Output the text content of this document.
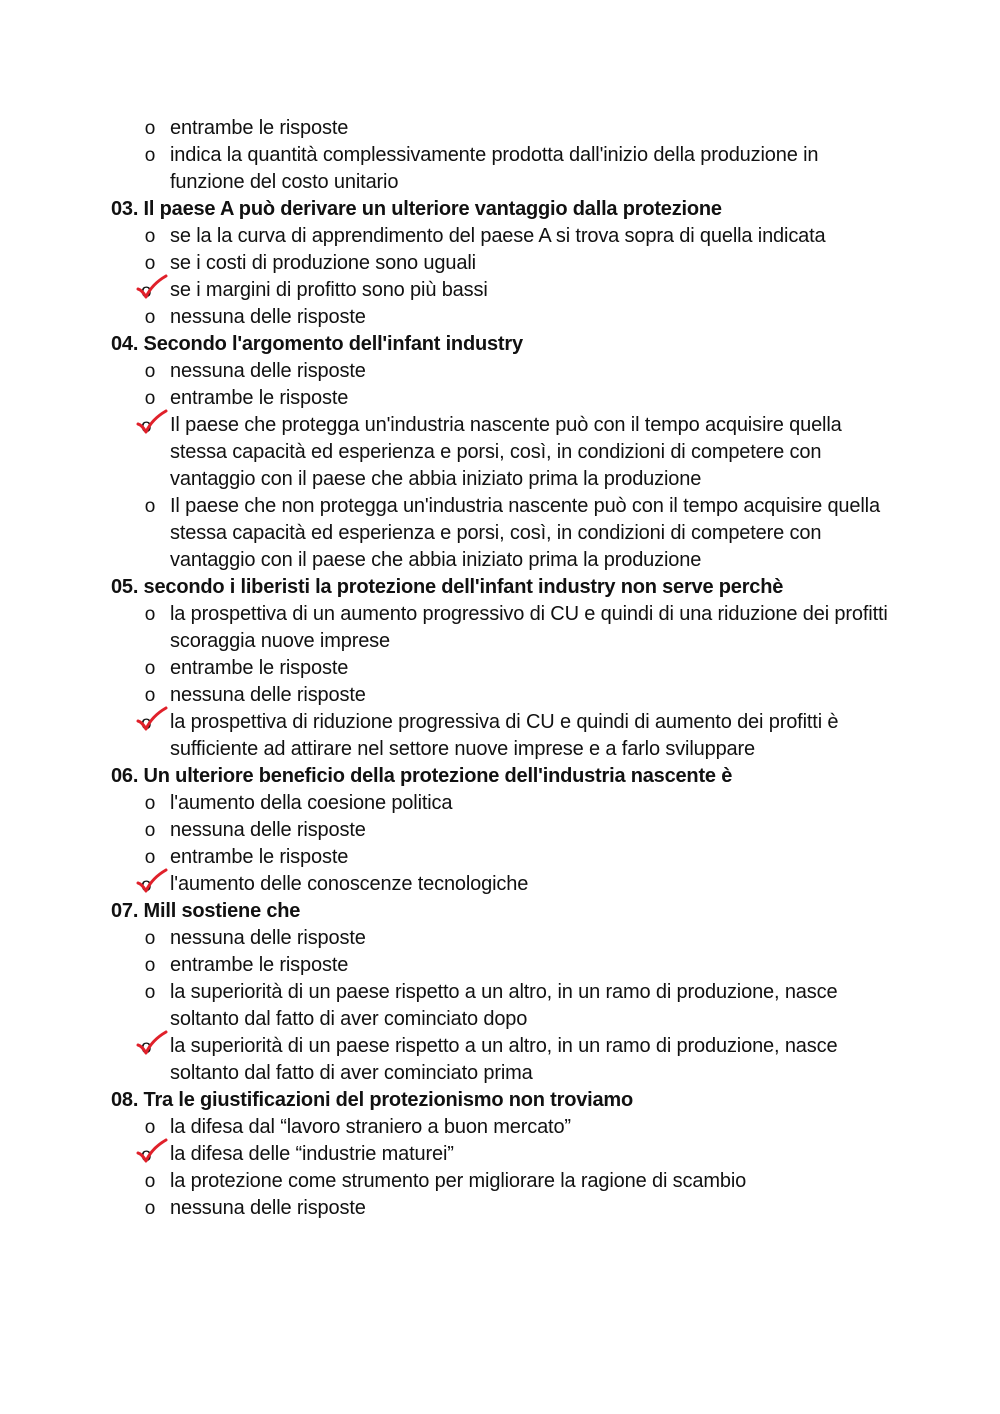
o entrambe le risposte
o indica la quantità complessivamente prodotta dall'inizio della produzione in funzione del costo unitario
03. Il paese A può derivare un ulteriore vantaggio dalla protezione
o se la la curva di apprendimento del paese A si trova sopra di quella indicata
o se i costi di produzione sono uguali
o se i margini di profitto sono più bassi
o nessuna delle risposte
04. Secondo l'argomento dell'infant industry
o nessuna delle risposte
o entrambe le risposte
o Il paese che protegga un'industria nascente può con il tempo acquisire quella stessa capacità ed esperienza e porsi, così, in condizioni di competere con vantaggio con il paese che abbia iniziato prima la produzione
o Il paese che non protegga un'industria nascente può con il tempo acquisire quella stessa capacità ed esperienza e porsi, così, in condizioni di competere con vantaggio con il paese che abbia iniziato prima la produzione
05. secondo i liberisti la protezione dell'infant industry non serve perchè
o la prospettiva di un aumento progressivo di CU e quindi di una riduzione dei profitti scoraggia nuove imprese
o entrambe le risposte
o nessuna delle risposte
o la prospettiva di riduzione progressiva di CU e quindi di aumento dei profitti è sufficiente ad attirare nel settore nuove imprese e a farlo sviluppare
06. Un ulteriore beneficio della protezione dell'industria nascente è
o l'aumento della coesione politica
o nessuna delle risposte
o entrambe le risposte
o l'aumento delle conoscenze tecnologiche
07. Mill sostiene che
o nessuna delle risposte
o entrambe le risposte
o la superiorità di un paese rispetto a un altro, in un ramo di produzione, nasce soltanto dal fatto di aver cominciato dopo
o la superiorità di un paese rispetto a un altro, in un ramo di produzione, nasce soltanto dal fatto di aver cominciato prima
08. Tra le giustificazioni del protezionismo non troviamo
o la difesa dal “lavoro straniero a buon mercato”
o la difesa delle “industrie maturei”
o la protezione come strumento per migliorare la ragione di scambio
o nessuna delle risposte
